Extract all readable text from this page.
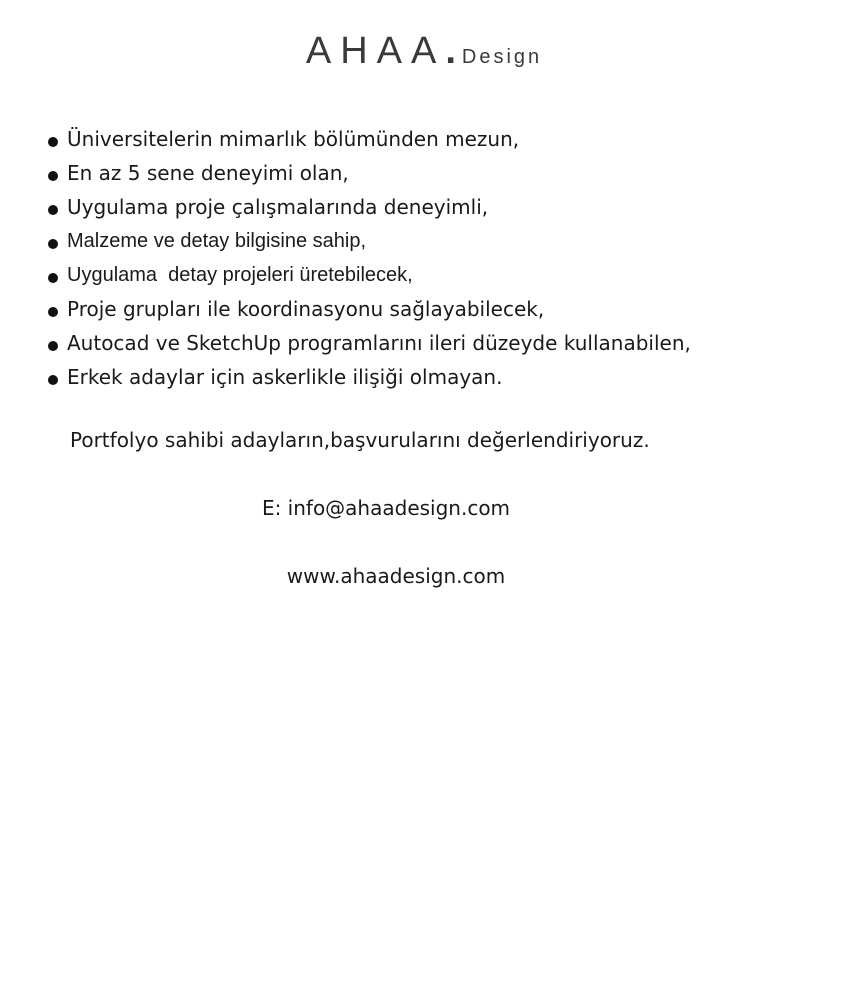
AHAA. Design
Üniversitelerin mimarlık bölümünden mezun,
En az 5 sene deneyimi olan,
Uygulama proje çalışmalarında deneyimli,
Malzeme ve detay bilgisine sahip,
Uygulama  detay projeleri üretebilecek,
Proje grupları ile koordinasyonu sağlayabilecek,
Autocad ve SketchUp programlarını ileri düzeyde kullanabilen,
Erkek adaylar için askerlikle ilişiği olmayan.
Portfolyo sahibi adayların,başvurularını değerlendiriyoruz.
E: info@ahaadesign.com
www.ahaadesign.com
